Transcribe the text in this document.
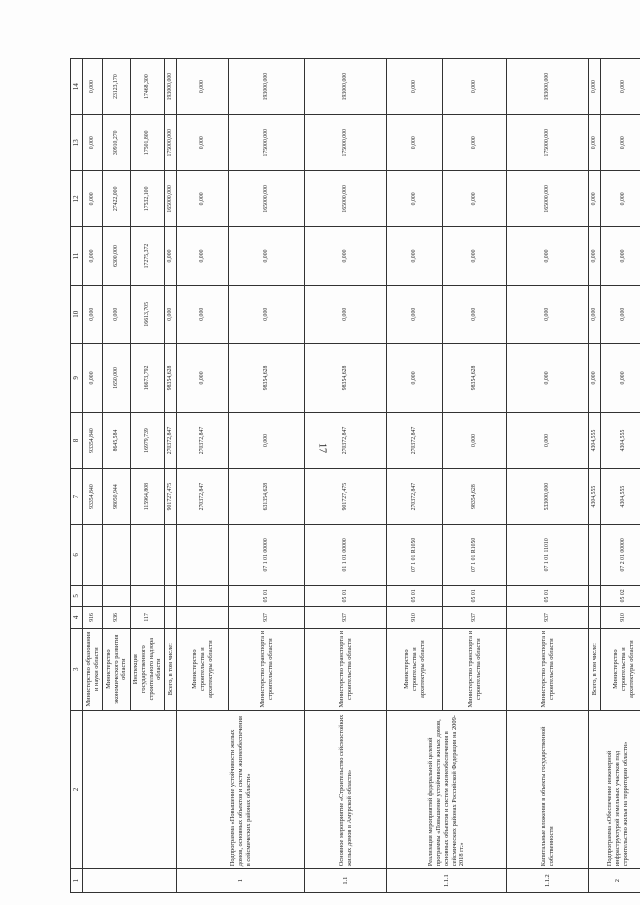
17
1	2	3	4	5	6	7	8	9	10	11	12	13	14
		Министерство образования и науки области	916			93354,840	93354,840	0,000	0,000	0,000	0,000	0,000	0,000
		Министерство экономического развития области	936			98050,944	8645,584	1650,000	0,000	6300,000	27422,000	30910,270	23123,170
		Инспекция государственного строительного надзора области	117			115964,808	16979,739	16673,792	16613,705	17275,372	17532,100	17501,800	17468,300
		Всего, в том числе:				901727,475	270372,847	98354,628	0,000	0,000	165000,000	175000,000	193000,000
1	Подпрограмма «Повышение устойчивости жилых домов, основных объектов и систем жизнеобеспечения в сейсмических районах области»	Министерство строительства и архитектуры области				270372,847	270372,847	0,000	0,000	0,000	0,000	0,000	0,000
		Министерство транспорта и строительства области	937	05 01	07 1 01 00000	631354,628	0,000	98354,628	0,000	0,000	165000,000	175000,000	193000,000
1.1	Основное мероприятие «Строительство сейсмостойких жилых домов в Амурской области»	Министерство транспорта и строительства области	937	05 01	01 1 01 00000	901727,475	270372,847	98354,628	0,000	0,000	165000,000	175000,000	193000,000
1.1.1	Реализация мероприятий федеральной целевой программы «Повышение устойчивости жилых домов, основных объектов и систем жизнеобеспечения в сейсмических районах Российской Федерации на 2009-2018 гг.»	Министерство строительства и архитектуры области	910	05 01	07 1 01 R1050	270372,847	270372,847	0,000	0,000	0,000	0,000	0,000	0,000
		Министерство транспорта и строительства области	937	05 01	07 1 01 R1050	98354,628	0,000	98354,628	0,000	0,000	0,000	0,000	0,000
1.1.2	Капитальные вложения в объекты государственной собственности	Министерство транспорта и строительства области	937	05 01	07 1 01 11010	533000,000	0,000	0,000	0,000	0,000	165000,000	175000,000	193000,000
2	Подпрограмма «Обеспечение инженерной инфраструктурой земельных участков под строительство жилья на территории области»	Всего, в том числе:				4304,555	4304,555	0,000	0,000	0,000	0,000	0,000	0,000
		Министерство строительства и архитектуры области	910	05 02	07 2 01 00000	4304,555	4304,555	0,000	0,000	0,000	0,000	0,000	0,000
